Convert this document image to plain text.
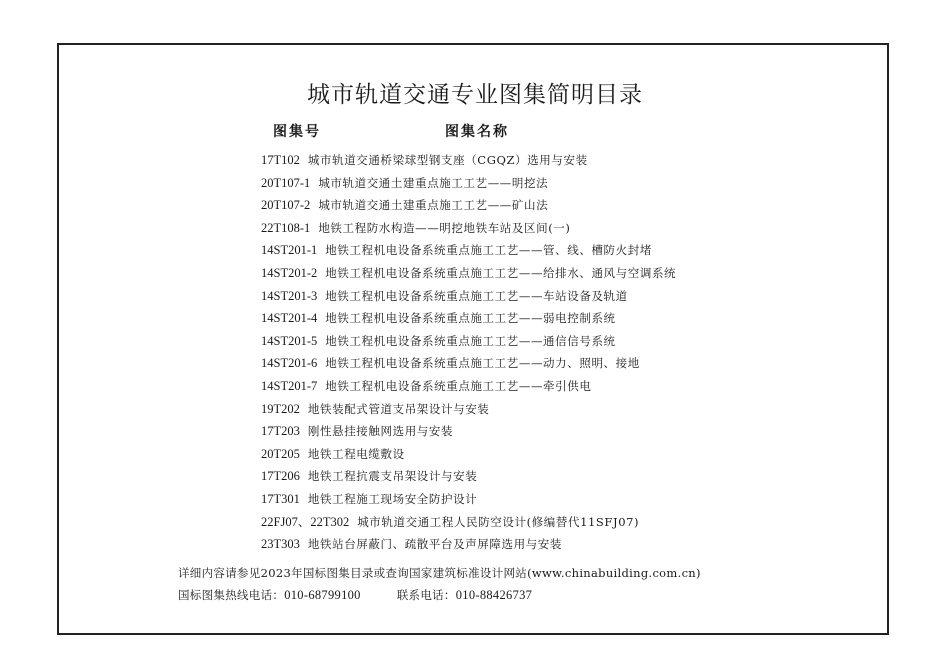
城市轨道交通专业图集简明目录
图集号	图集名称
17T102 城市轨道交通桥梁球型钢支座（CGQZ）选用与安装
20T107-1 城市轨道交通土建重点施工工艺——明挖法
20T107-2 城市轨道交通土建重点施工工艺——矿山法
22T108-1 地铁工程防水构造——明挖地铁车站及区间(一)
14ST201-1 地铁工程机电设备系统重点施工工艺——管、线、槽防火封堵
14ST201-2 地铁工程机电设备系统重点施工工艺——给排水、通风与空调系统
14ST201-3 地铁工程机电设备系统重点施工工艺——车站设备及轨道
14ST201-4 地铁工程机电设备系统重点施工工艺——弱电控制系统
14ST201-5 地铁工程机电设备系统重点施工工艺——通信信号系统
14ST201-6 地铁工程机电设备系统重点施工工艺——动力、照明、接地
14ST201-7 地铁工程机电设备系统重点施工工艺——牵引供电
19T202 地铁装配式管道支吊架设计与安装
17T203 刚性悬挂接触网选用与安装
20T205 地铁工程电缆敷设
17T206 地铁工程抗震支吊架设计与安装
17T301 地铁工程施工现场安全防护设计
22FJ07、22T302 城市轨道交通工程人民防空设计(修编替代11SFJ07)
23T303 地铁站台屏蔽门、疏散平台及声屏障选用与安装
详细内容请参见2023年国标图集目录或查询国家建筑标准设计网站(www.chinabuilding.com.cn)
国标图集热线电话：010-68799100	联系电话：010-88426737
